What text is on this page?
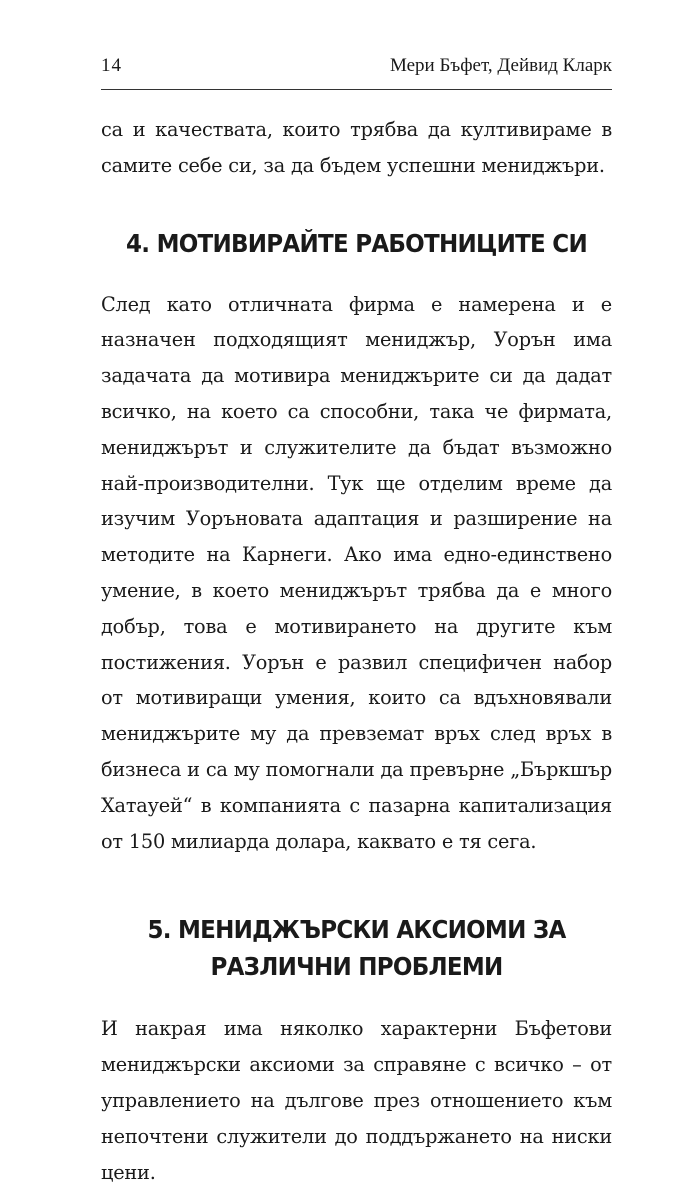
14	Мери Бъфет, Дейвид Кларк

са и качествата, които трябва да култивираме в самите себе си, за да бъдем успешни мениджъри.

4. МОТИВИРАЙТЕ РАБОТНИЦИТЕ СИ

След като отличната фирма е намерена и е назначен подходящият мениджър, Уорън има задачата да мотивира мениджърите си да дадат всичко, на което са способни, така че фирмата, мениджърът и служителите да бъдат възможно най-производителни. Тук ще отделим време да изучим Уоръновата адаптация и разширение на методите на Карнеги. Ако има едно-единствено умение, в което мениджърът трябва да е много добър, това е мотивирането на другите към постижения. Уорън е развил специфичен набор от мотивиращи умения, които са вдъхновявали мениджърите му да превземат връх след връх в бизнеса и са му помогнали да превърне „Бъркшър Хатауей“ в компанията с пазарна капитализация от 150 милиарда долара, каквато е тя сега.

5. МЕНИДЖЪРСКИ АКСИОМИ ЗА
РАЗЛИЧНИ ПРОБЛЕМИ

И накрая има няколко характерни Бъфетови мениджърски аксиоми за справяне с всичко – от управлението на дългове през отношението към непочтени служители до поддържането на ниски цени.
